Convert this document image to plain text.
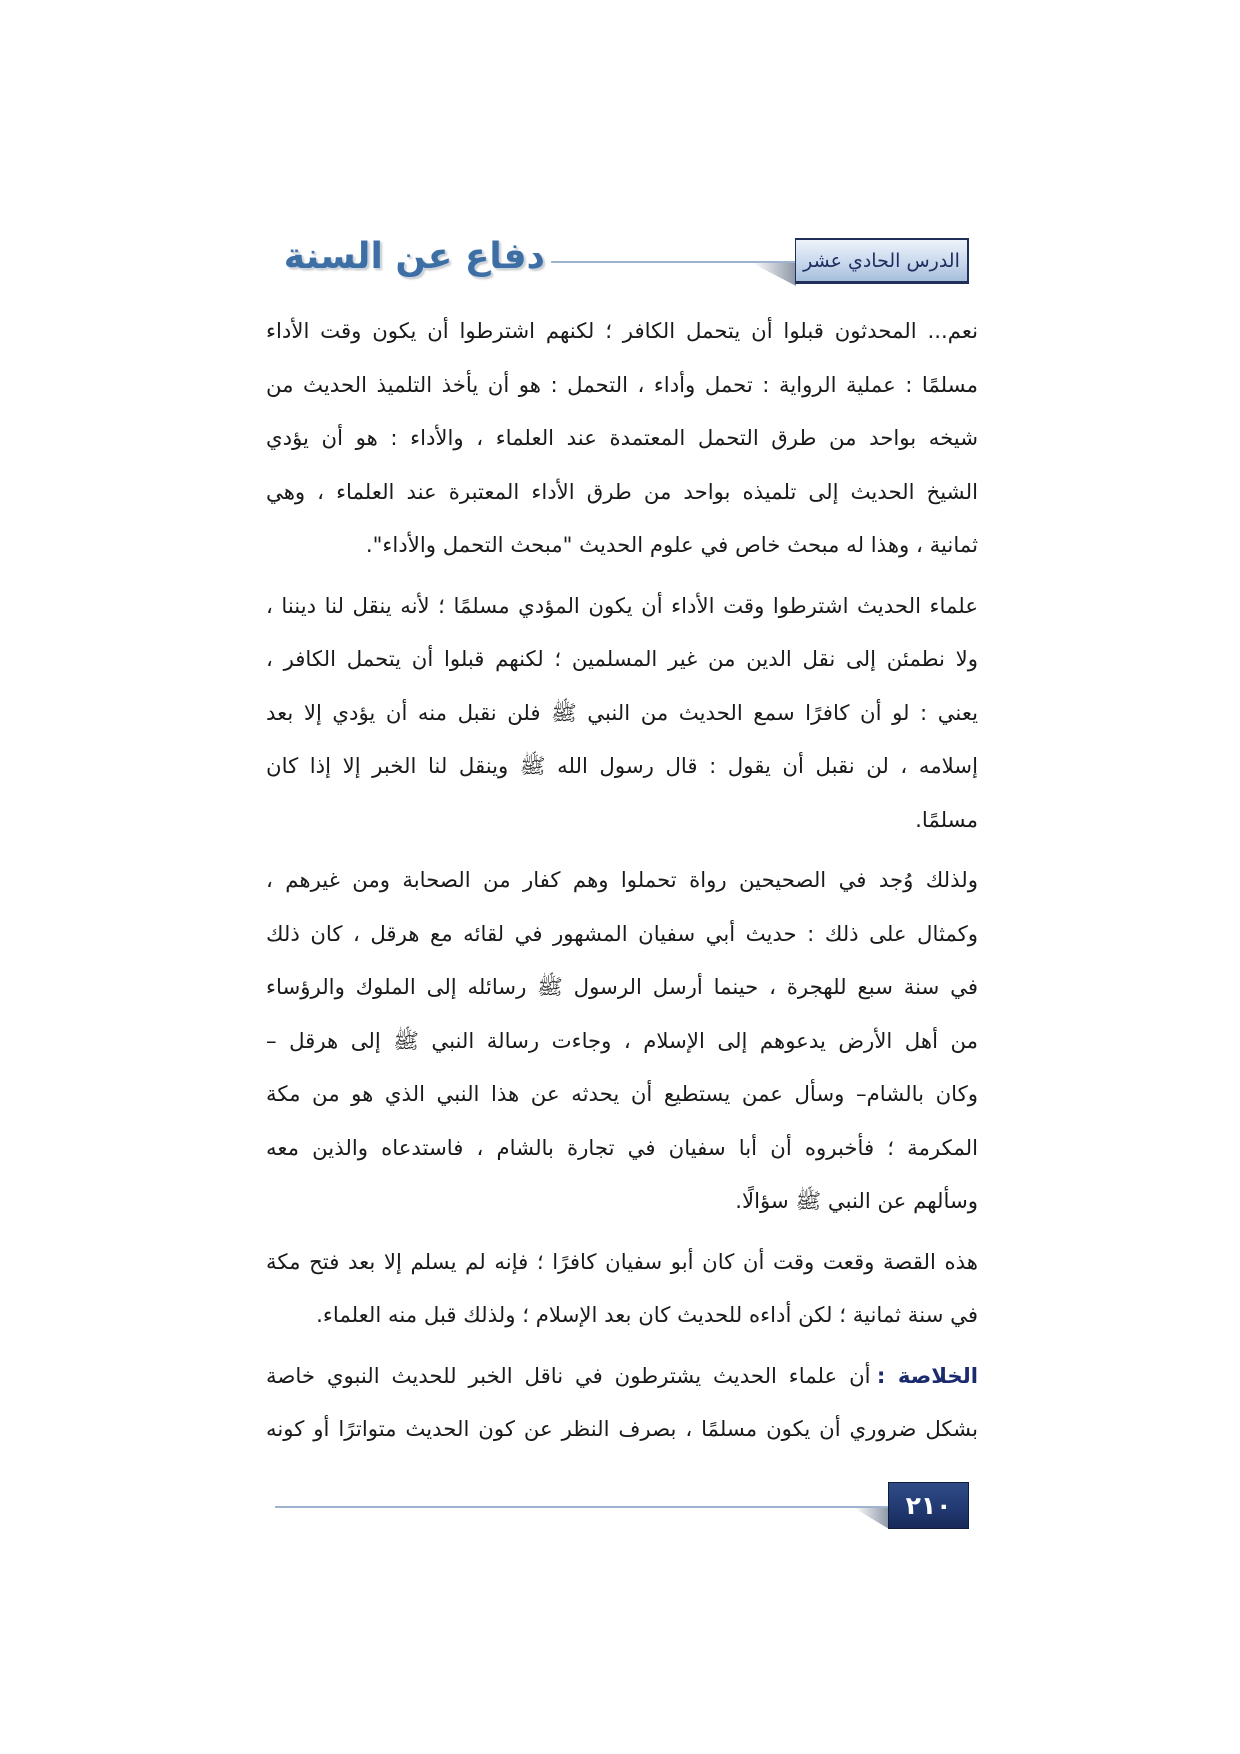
دفاع عن السنة	الدرس الحادي عشر
نعم... المحدثون قبلوا أن يتحمل الكافر ؛ لكنهم اشترطوا أن يكون وقت الأداء
مسلمًا : عملية الرواية : تحمل وأداء ، التحمل : هو أن يأخذ التلميذ الحديث من
شيخه بواحد من طرق التحمل المعتمدة عند العلماء ، والأداء : هو أن يؤدي
الشيخ الحديث إلى تلميذه بواحد من طرق الأداء المعتبرة عند العلماء ، وهي
ثمانية ، وهذا له مبحث خاص في علوم الحديث "مبحث التحمل والأداء".
علماء الحديث اشترطوا وقت الأداء أن يكون المؤدي مسلمًا ؛ لأنه ينقل لنا ديننا ،
ولا نطمئن إلى نقل الدين من غير المسلمين ؛ لكنهم قبلوا أن يتحمل الكافر ،
يعني : لو أن كافرًا سمع الحديث من النبي ﷺ فلن نقبل منه أن يؤدي إلا بعد
إسلامه ، لن نقبل أن يقول : قال رسول الله ﷺ وينقل لنا الخبر إلا إذا كان
مسلمًا.
ولذلك وُجد في الصحيحين رواة تحملوا وهم كفار من الصحابة ومن غيرهم ،
وكمثال على ذلك : حديث أبي سفيان المشهور في لقائه مع هرقل ، كان ذلك
في سنة سبع للهجرة ، حينما أرسل الرسول ﷺ رسائله إلى الملوك والرؤساء
من أهل الأرض يدعوهم إلى الإسلام ، وجاءت رسالة النبي ﷺ إلى هرقل –
وكان بالشام– وسأل عمن يستطيع أن يحدثه عن هذا النبي الذي هو من مكة
المكرمة ؛ فأخبروه أن أبا سفيان في تجارة بالشام ، فاستدعاه والذين معه
وسألهم عن النبي ﷺ سؤالًا.
هذه القصة وقعت وقت أن كان أبو سفيان كافرًا ؛ فإنه لم يسلم إلا بعد فتح مكة
في سنة ثمانية ؛ لكن أداءه للحديث كان بعد الإسلام ؛ ولذلك قبل منه العلماء.
الخلاصة :أن علماء الحديث يشترطون في ناقل الخبر للحديث النبوي خاصة
بشكل ضروري أن يكون مسلمًا ، بصرف النظر عن كون الحديث متواترًا أو كونه
٢١٠
